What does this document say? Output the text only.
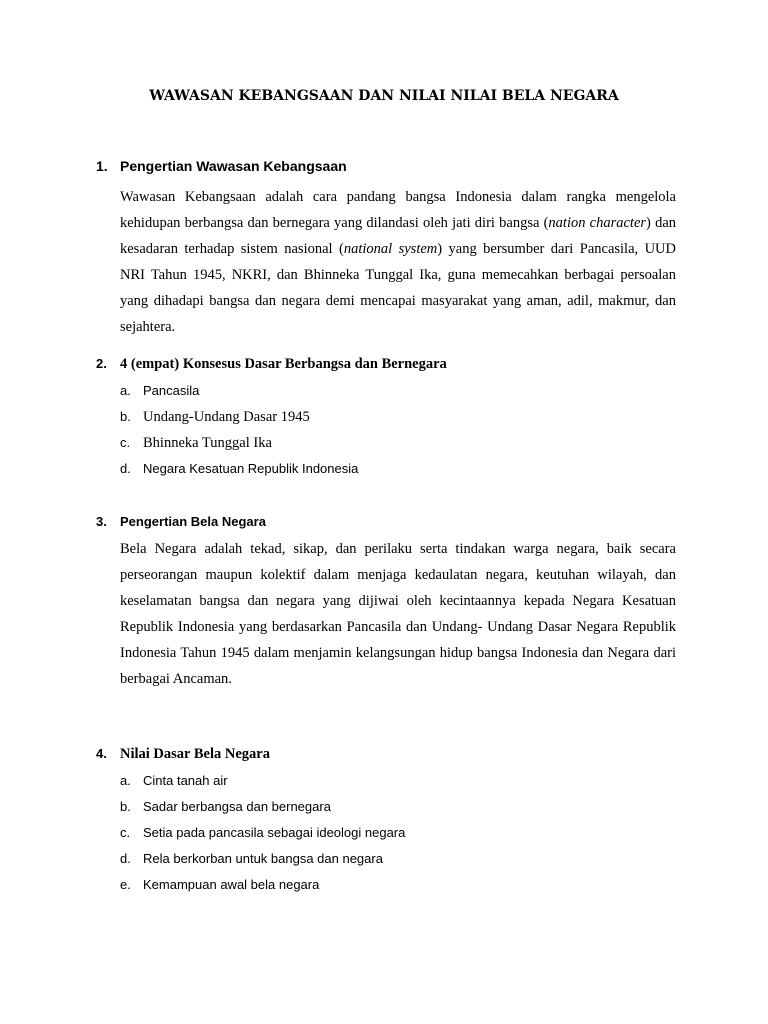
WAWASAN KEBANGSAAN DAN NILAI NILAI BELA NEGARA
1. Pengertian Wawasan Kebangsaan

Wawasan Kebangsaan adalah cara pandang bangsa Indonesia dalam rangka mengelola kehidupan berbangsa dan bernegara yang dilandasi oleh jati diri bangsa (nation character) dan kesadaran terhadap sistem nasional (national system) yang bersumber dari Pancasila, UUD NRI Tahun 1945, NKRI, dan Bhinneka Tunggal Ika, guna memecahkan berbagai persoalan yang dihadapi bangsa dan negara demi mencapai masyarakat yang aman, adil, makmur, dan sejahtera.

2. 4 (empat) Konsesus Dasar Berbangsa dan Bernegara
a. Pancasila
b. Undang-Undang Dasar 1945
c. Bhinneka Tunggal Ika
d. Negara Kesatuan Republik Indonesia
3. Pengertian Bela Negara

Bela Negara adalah tekad, sikap, dan perilaku serta tindakan warga negara, baik secara perseorangan maupun kolektif dalam menjaga kedaulatan negara, keutuhan wilayah, dan keselamatan bangsa dan negara yang dijiwai oleh kecintaannya kepada Negara Kesatuan Republik Indonesia yang berdasarkan Pancasila dan Undang- Undang Dasar Negara Republik Indonesia Tahun 1945 dalam menjamin kelangsungan hidup bangsa Indonesia dan Negara dari berbagai Ancaman.

4. Nilai Dasar Bela Negara
a. Cinta tanah air
b. Sadar berbangsa dan bernegara
c. Setia pada pancasila sebagai ideologi negara
d. Rela berkorban untuk bangsa dan negara
e. Kemampuan awal bela negara
